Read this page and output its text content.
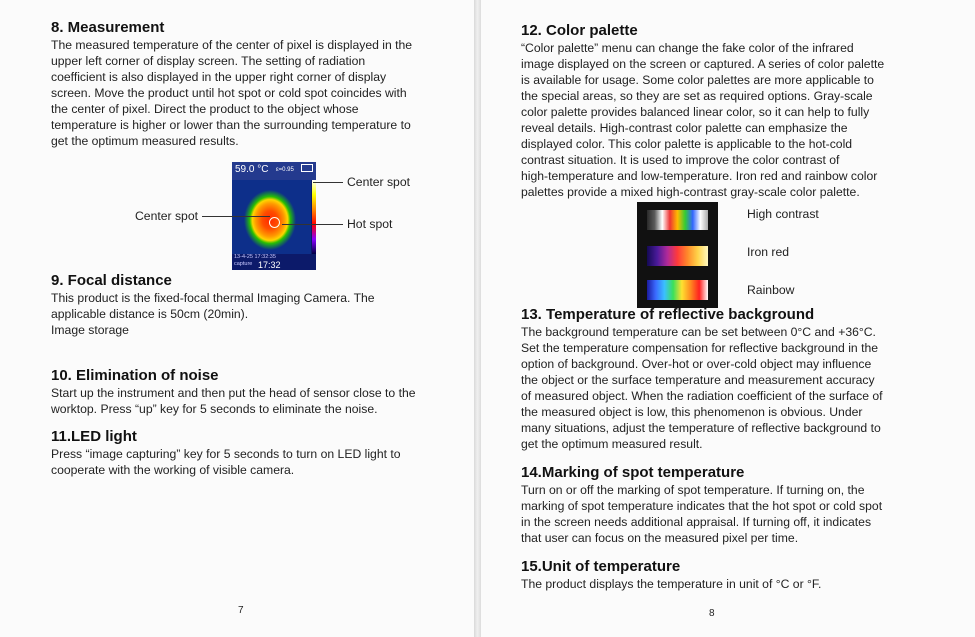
8. Measurement

The measured temperature of the center of pixel is displayed in the

upper left corner of display screen. The setting of radiation

coefficient is also displayed in the upper right corner of display

screen. Move the product until hot spot or cold spot coincides with

the center of pixel. Direct the product to the object whose

temperature is higher or lower than the surrounding temperature to

get the optimum measured results.

59.0 °C ε=0.95
13-4-25 17:32:35
capture 17:32
Center spot
Center spot
Hot spot
9. Focal distance

This product is the fixed-focal thermal Imaging Camera. The

applicable distance is 50cm (20min).

Image storage

10. Elimination of noise

Start up the instrument and then put the head of sensor close to the

worktop. Press “up” key for 5 seconds to eliminate the noise.

11.LED light

Press “image capturing” key for 5 seconds to turn on LED light to

cooperate with the working of visible camera.

7
12. Color palette

“Color palette” menu can change the fake color of the infrared

image displayed on the screen or captured. A series of color palette

is available for usage. Some color palettes are more applicable to

the special areas, so they are set as required options. Gray-scale

color palette provides balanced linear color, so it can help to fully

reveal details. High-contrast color palette can emphasize the

displayed color. This color palette is applicable to the hot-cold

contrast situation. It is used to improve the color contrast of

high-temperature and low-temperature. Iron red and rainbow color

palettes provide a mixed high-contrast gray-scale color palette.

High contrast
Iron red
Rainbow
13. Temperature of reflective background

The background temperature can be set between 0°C and +36°C.

Set the temperature compensation for reflective background in the

option of background. Over-hot or over-cold object may influence

the object or the surface temperature and measurement accuracy

of measured object. When the radiation coefficient of the surface of

the measured object is low, this phenomenon is obvious. Under

many situations, adjust the temperature of reflective background to

get the optimum measured result.

14.Marking of spot temperature

Turn on or off the marking of spot temperature. If turning on, the

marking of spot temperature indicates that the hot spot or cold spot

in the screen needs additional appraisal. If turning off, it indicates

that user can focus on the measured pixel per time.

15.Unit of temperature

The product displays the temperature in unit of °C or °F.

8
